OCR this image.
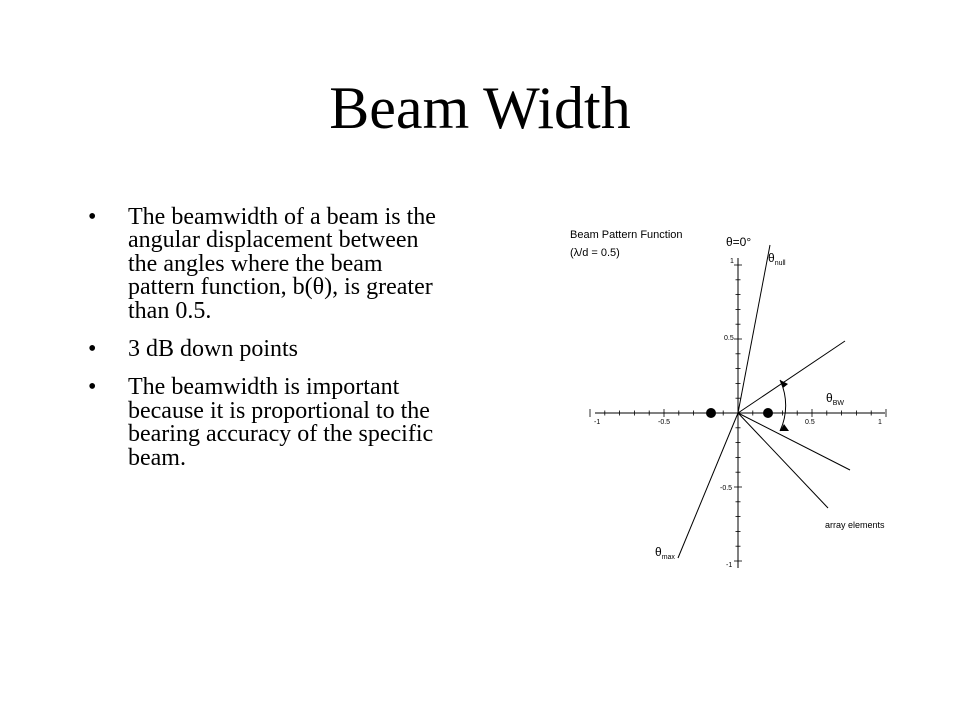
Beam Width
• The beamwidth of a beam is the angular displacement between the angles where the beam pattern function, b(θ), is greater than 0.5.
• 3 dB down points
• The beamwidth is important because it is proportional to the bearing accuracy of the specific beam.
Beam Pattern Function
(λ/d = 0.5)
-1	-0.5	0.5	1
1
0.5
-0.5
-1
θ=0°
$\theta_{null}$
$\theta_{BW}$
$\theta_{max}$
array elements
